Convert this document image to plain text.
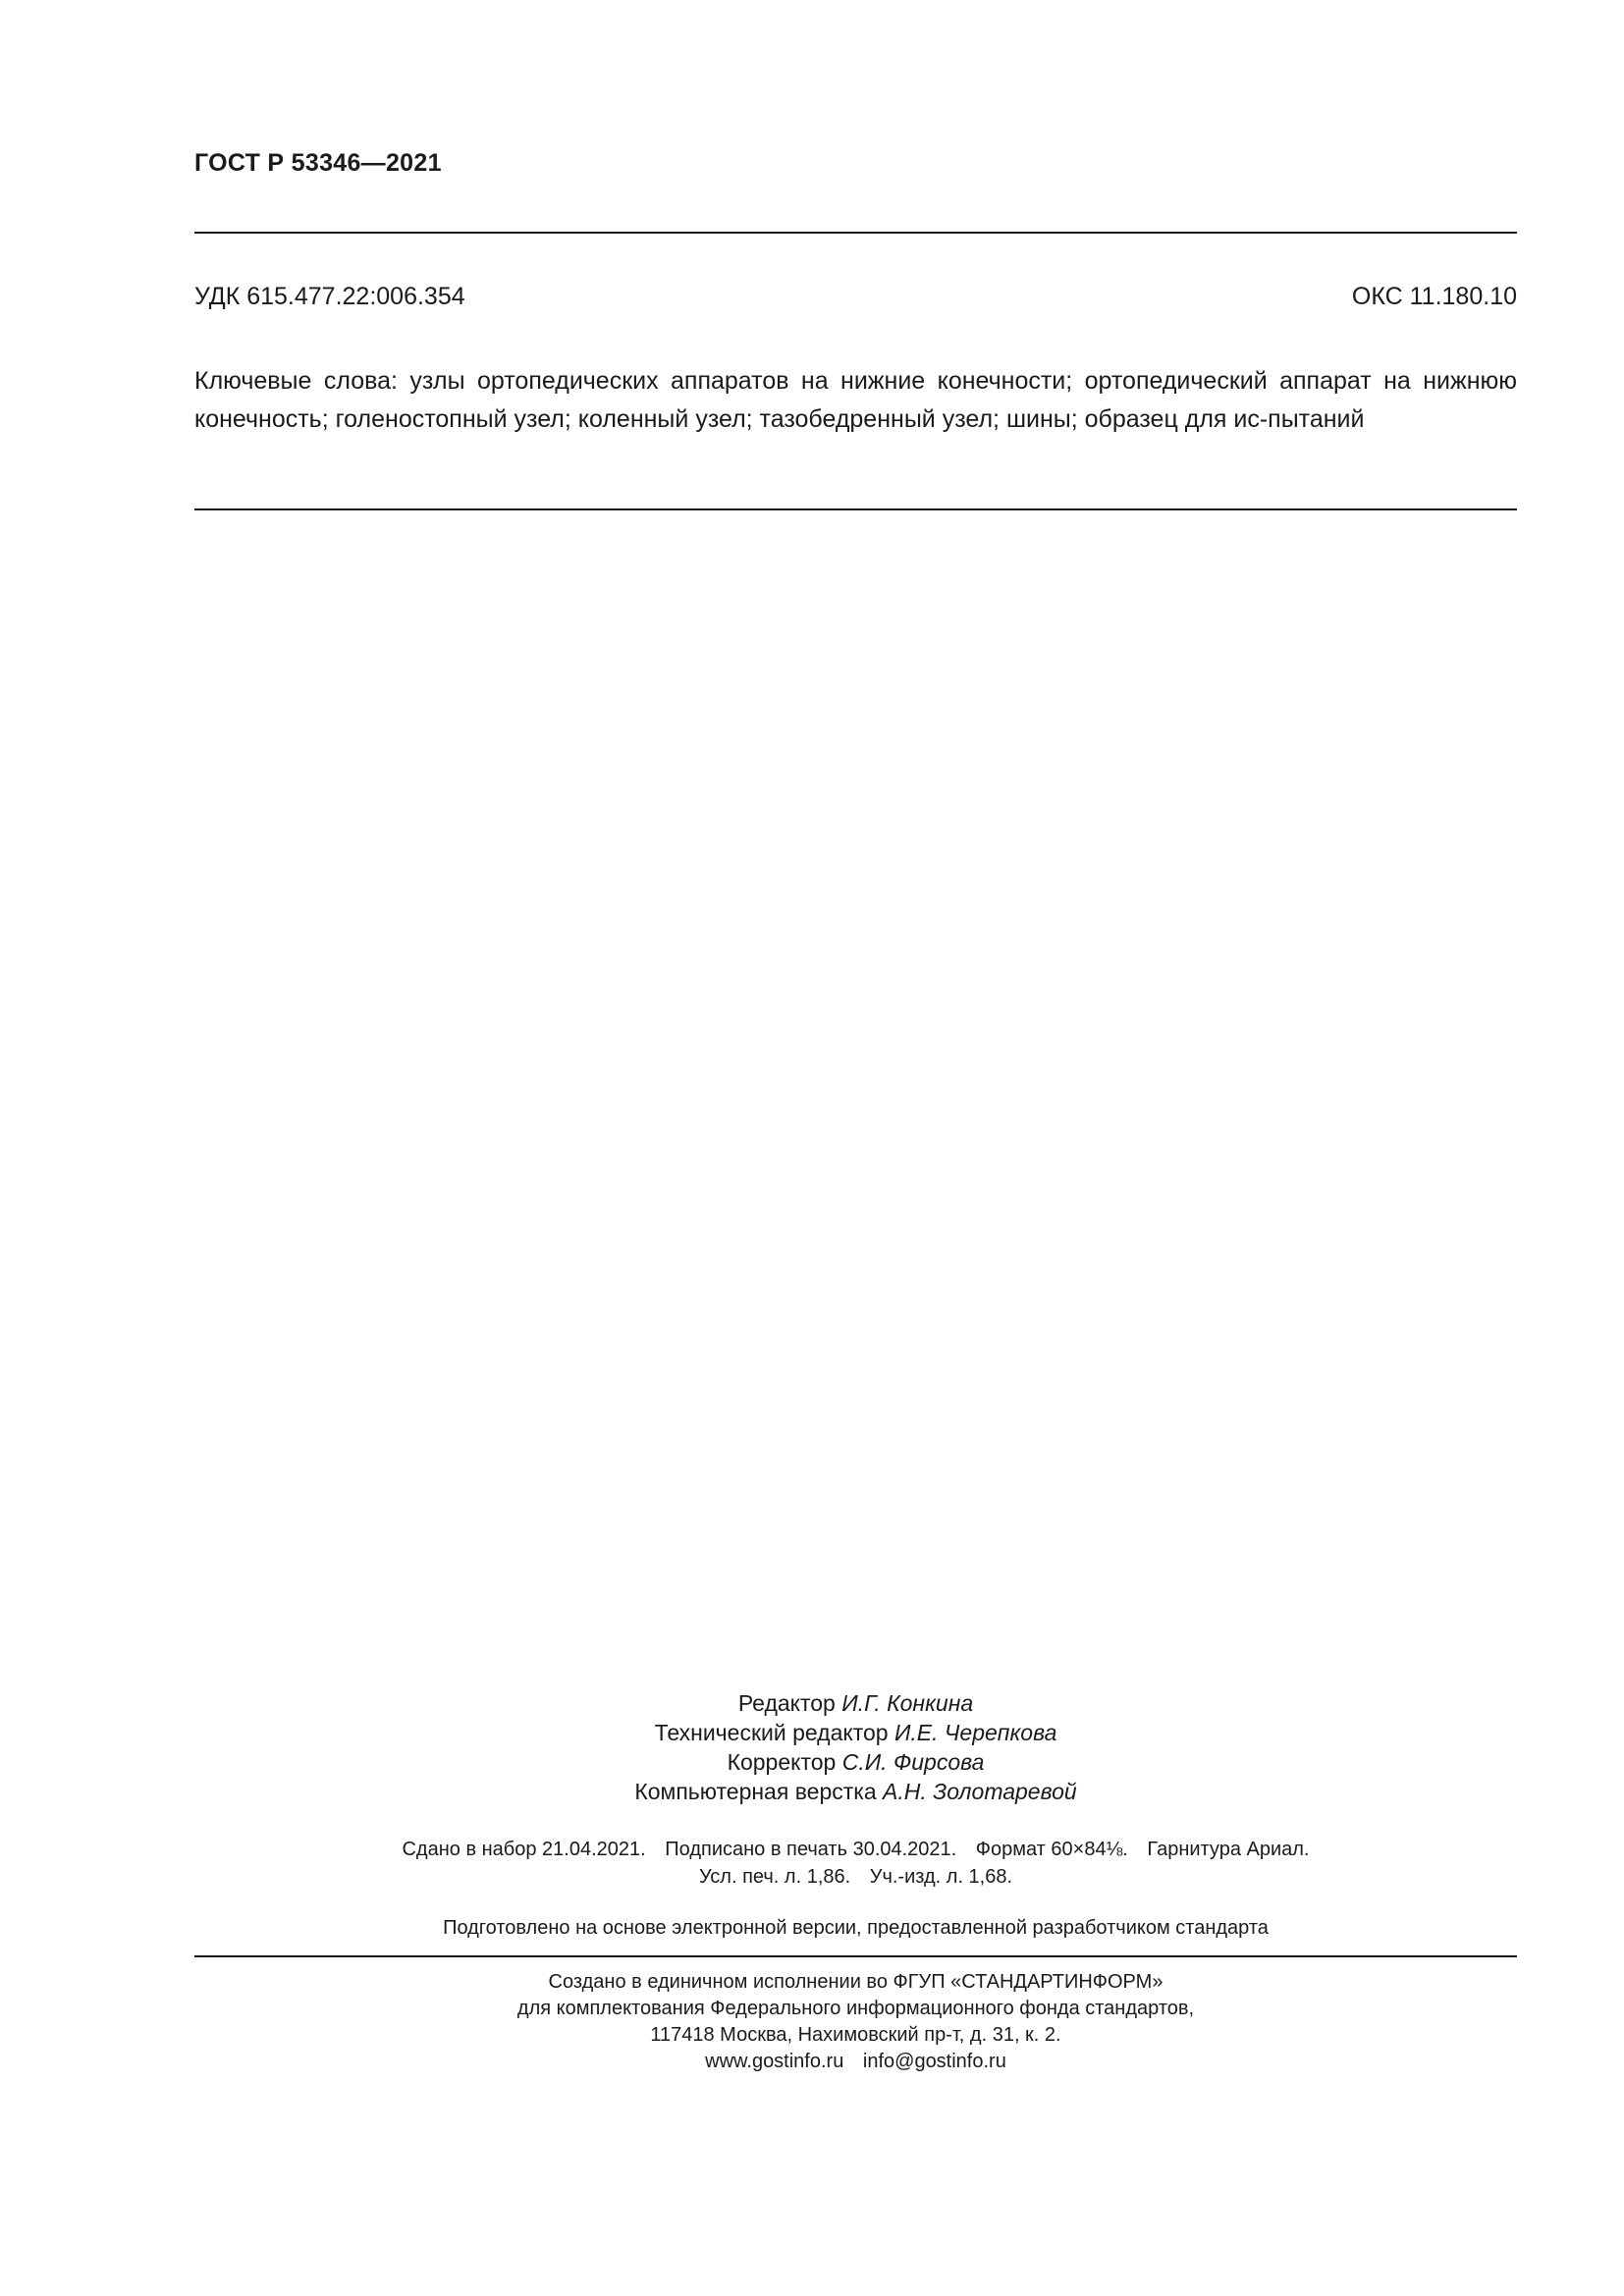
ГОСТ Р 53346—2021
УДК 615.477.22:006.354	ОКС 11.180.10
Ключевые слова: узлы ортопедических аппаратов на нижние конечности; ортопедический аппарат на нижнюю конечность; голеностопный узел; коленный узел; тазобедренный узел; шины; образец для ис-пытаний
Редактор И.Г. Конкина
Технический редактор И.Е. Черепкова
Корректор С.И. Фирсова
Компьютерная верстка А.Н. Золотаревой
Сдано в набор 21.04.2021. Подписано в печать 30.04.2021. Формат 60×84⅛. Гарнитура Ариал.
Усл. печ. л. 1,86. Уч.-изд. л. 1,68.
Подготовлено на основе электронной версии, предоставленной разработчиком стандарта
Создано в единичном исполнении во ФГУП «СТАНДАРТИНФОРМ»
для комплектования Федерального информационного фонда стандартов,
117418 Москва, Нахимовский пр-т, д. 31, к. 2.
www.gostinfo.ru info@gostinfo.ru
